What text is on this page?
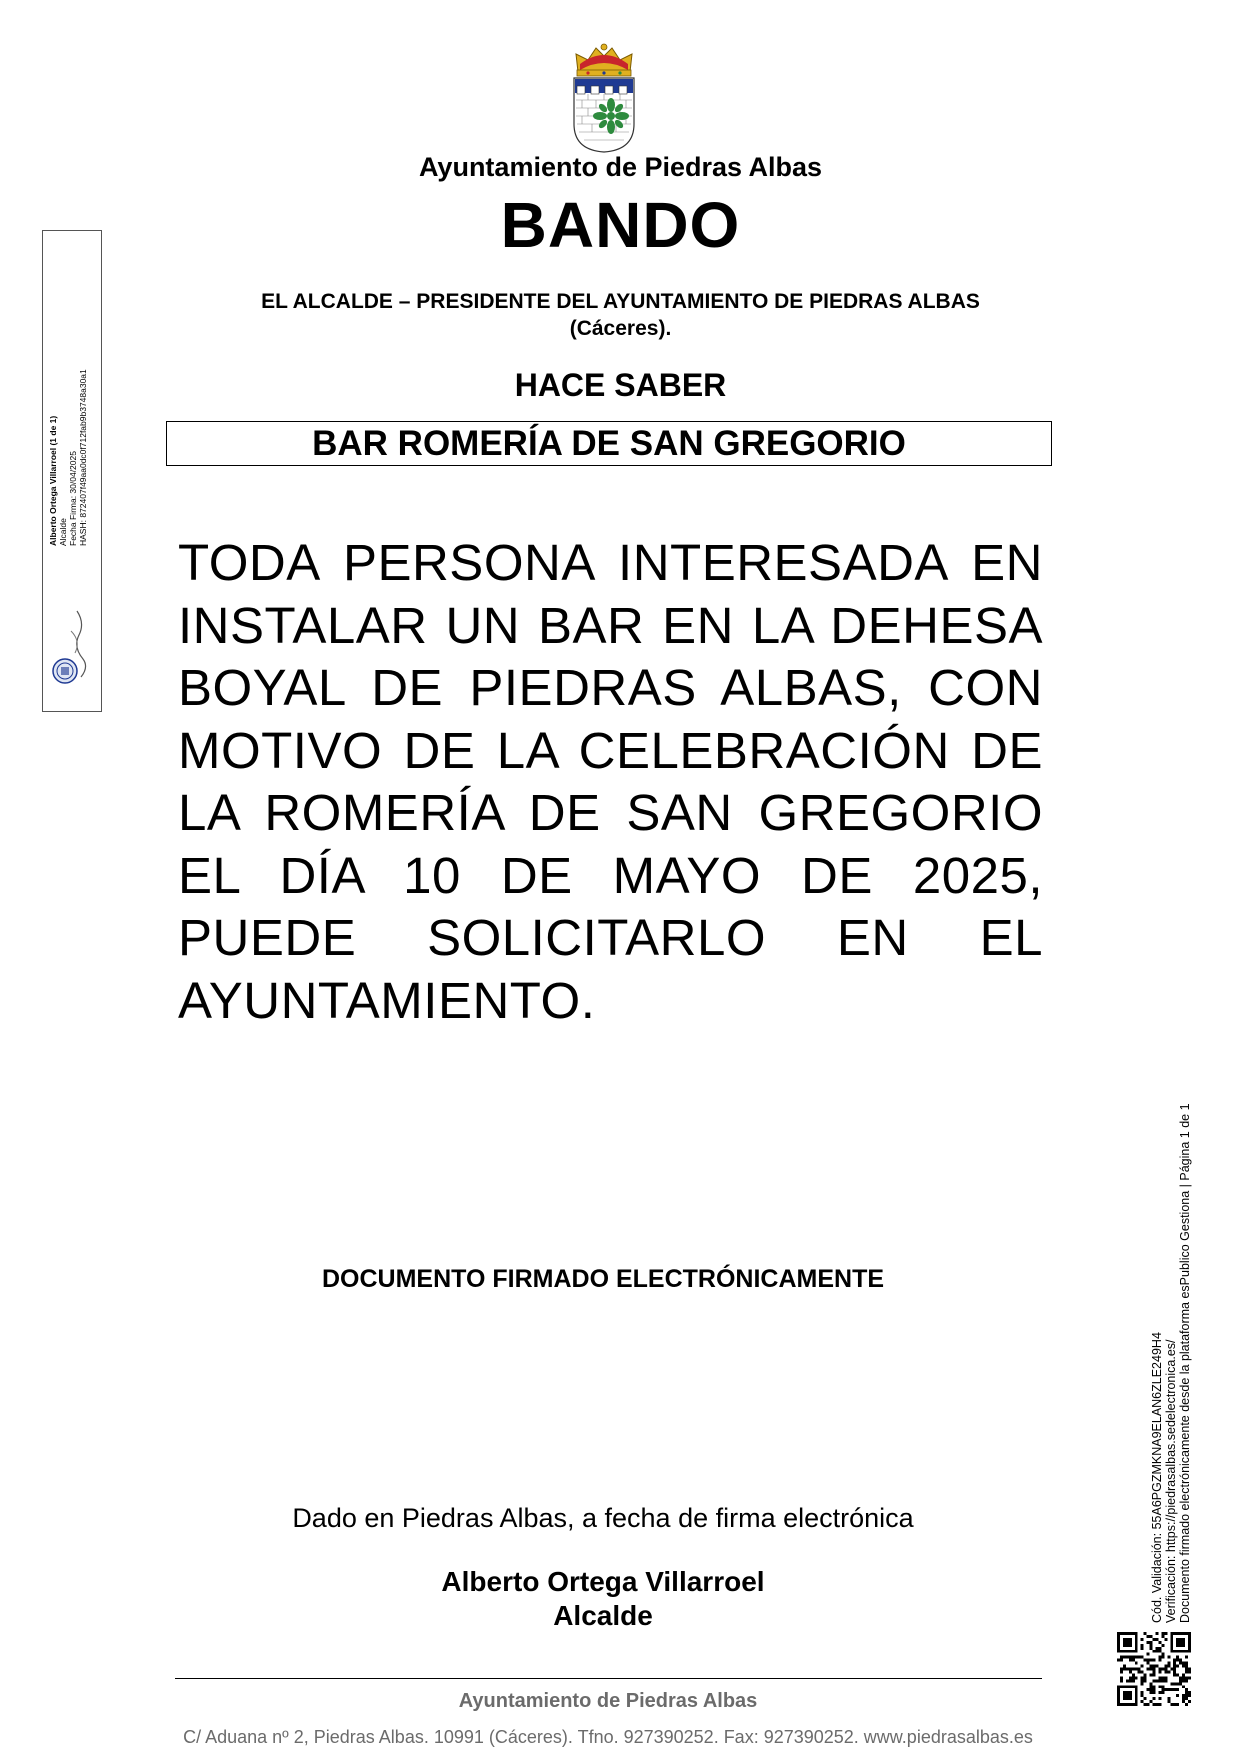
Ayuntamiento de Piedras Albas
BANDO
EL ALCALDE – PRESIDENTE DEL AYUNTAMIENTO DE PIEDRAS ALBAS
(Cáceres).
HACE SABER
BAR ROMERÍA DE SAN GREGORIO
TODA PERSONA INTERESADA EN INSTALAR UN BAR EN LA DEHESA BOYAL DE PIEDRAS ALBAS, CON MOTIVO DE LA CELEBRACIÓN DE LA ROMERÍA DE SAN GREGORIO EL DÍA 10 DE MAYO DE 2025, PUEDE SOLICITARLO EN EL AYUNTAMIENTO.
DOCUMENTO FIRMADO ELECTRÓNICAMENTE
Dado en Piedras Albas, a fecha de firma electrónica
Alberto Ortega Villarroel
Alcalde
Ayuntamiento de Piedras Albas
C/ Aduana nº 2, Piedras Albas. 10991 (Cáceres). Tfno. 927390252. Fax: 927390252. www.piedrasalbas.es
Alberto Ortega Villarroel (1 de 1) Alcalde Fecha Firma: 30/04/2025 HASH: 872407f49aa0dc0f712fab9b3748a30a1
Cód. Validación: 55A6PGZMKNA9ELAN6ZLE249H4 Verificación: https://piedrasalbas.sedelectronica.es/ Documento firmado electrónicamente desde la plataforma esPublico Gestiona | Página 1 de 1
